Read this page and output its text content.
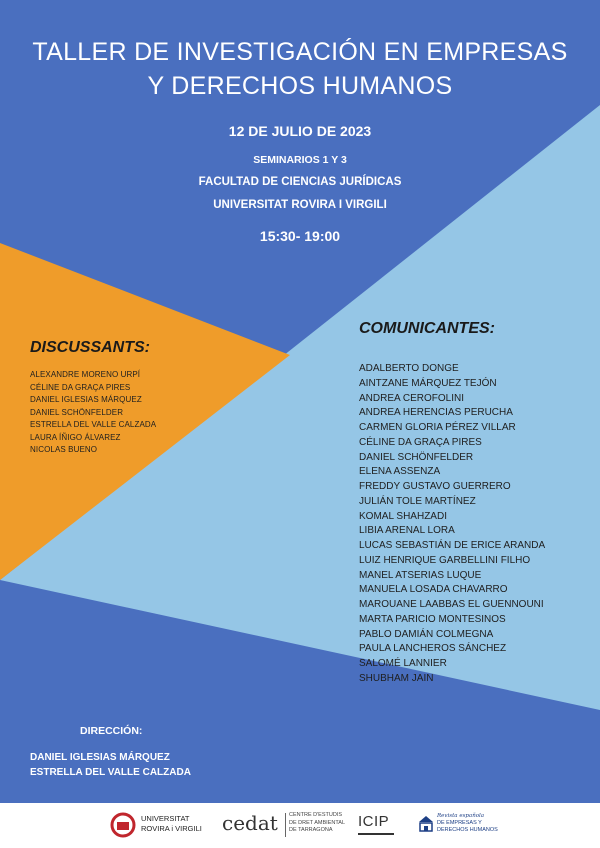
TALLER DE INVESTIGACIÓN EN EMPRESAS
Y DERECHOS HUMANOS
12 DE JULIO DE 2023
SEMINARIOS 1 Y 3
FACULTAD DE CIENCIAS JURÍDICAS
UNIVERSITAT ROVIRA I VIRGILI
15:30- 19:00
DISCUSSANTS:
ALEXANDRE MORENO URPÍ
CÉLINE DA GRAÇA PIRES
DANIEL IGLESIAS MÁRQUEZ
DANIEL SCHÖNFELDER
ESTRELLA DEL VALLE CALZADA
LAURA ÍÑIGO ÁLVAREZ
NICOLAS BUENO
COMUNICANTES:
ADALBERTO DONGE
AINTZANE MÁRQUEZ TEJÓN
ANDREA CEROFOLINI
ANDREA HERENCIAS PERUCHA
CARMEN GLORIA PÉREZ VILLAR
CÉLINE DA GRAÇA PIRES
DANIEL SCHÖNFELDER
ELENA ASSENZA
FREDDY GUSTAVO GUERRERO
JULIÁN TOLE MARTÍNEZ
KOMAL SHAHZADI
LIBIA ARENAL LORA
LUCAS SEBASTIÁN DE ERICE ARANDA
LUIZ HENRIQUE GARBELLINI FILHO
MANEL ATSERIAS LUQUE
MANUELA LOSADA CHAVARRO
MAROUANE LAABBAS EL GUENNOUNI
MARTA PARICIO MONTESINOS
PABLO DAMIÁN COLMEGNA
PAULA LANCHEROS SÁNCHEZ
SALOMÉ LANNIER
SHUBHAM JAIN
DIRECCIÓN:
DANIEL IGLESIAS MÁRQUEZ
ESTRELLA DEL VALLE CALZADA
UNIVERSITAT
ROVIRA i VIRGILI cedat CENTRE D'ESTUDIS
DE DRET AMBIENTAL
DE TARRAGONA	ICIP	Revista española
DE EMPRESAS Y
DERECHOS HUMANOS
